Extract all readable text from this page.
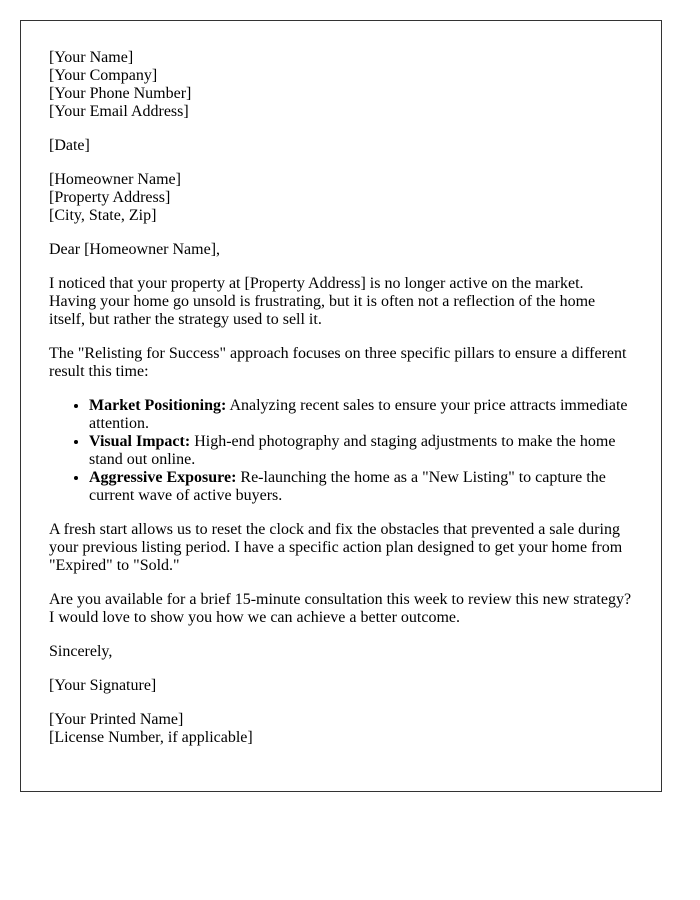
[Your Name]
[Your Company]
[Your Phone Number]
[Your Email Address]

[Date]

[Homeowner Name]
[Property Address]
[City, State, Zip]

Dear [Homeowner Name],

I noticed that your property at [Property Address] is no longer active on the market. Having your home go unsold is frustrating, but it is often not a reflection of the home itself, but rather the strategy used to sell it.

The "Relisting for Success" approach focuses on three specific pillars to ensure a different result this time:

• Market Positioning: Analyzing recent sales to ensure your price attracts immediate attention.
• Visual Impact: High-end photography and staging adjustments to make the home stand out online.
• Aggressive Exposure: Re-launching the home as a "New Listing" to capture the current wave of active buyers.

A fresh start allows us to reset the clock and fix the obstacles that prevented a sale during your previous listing period. I have a specific action plan designed to get your home from "Expired" to "Sold."

Are you available for a brief 15-minute consultation this week to review this new strategy? I would love to show you how we can achieve a better outcome.

Sincerely,

[Your Signature]

[Your Printed Name]
[License Number, if applicable]
